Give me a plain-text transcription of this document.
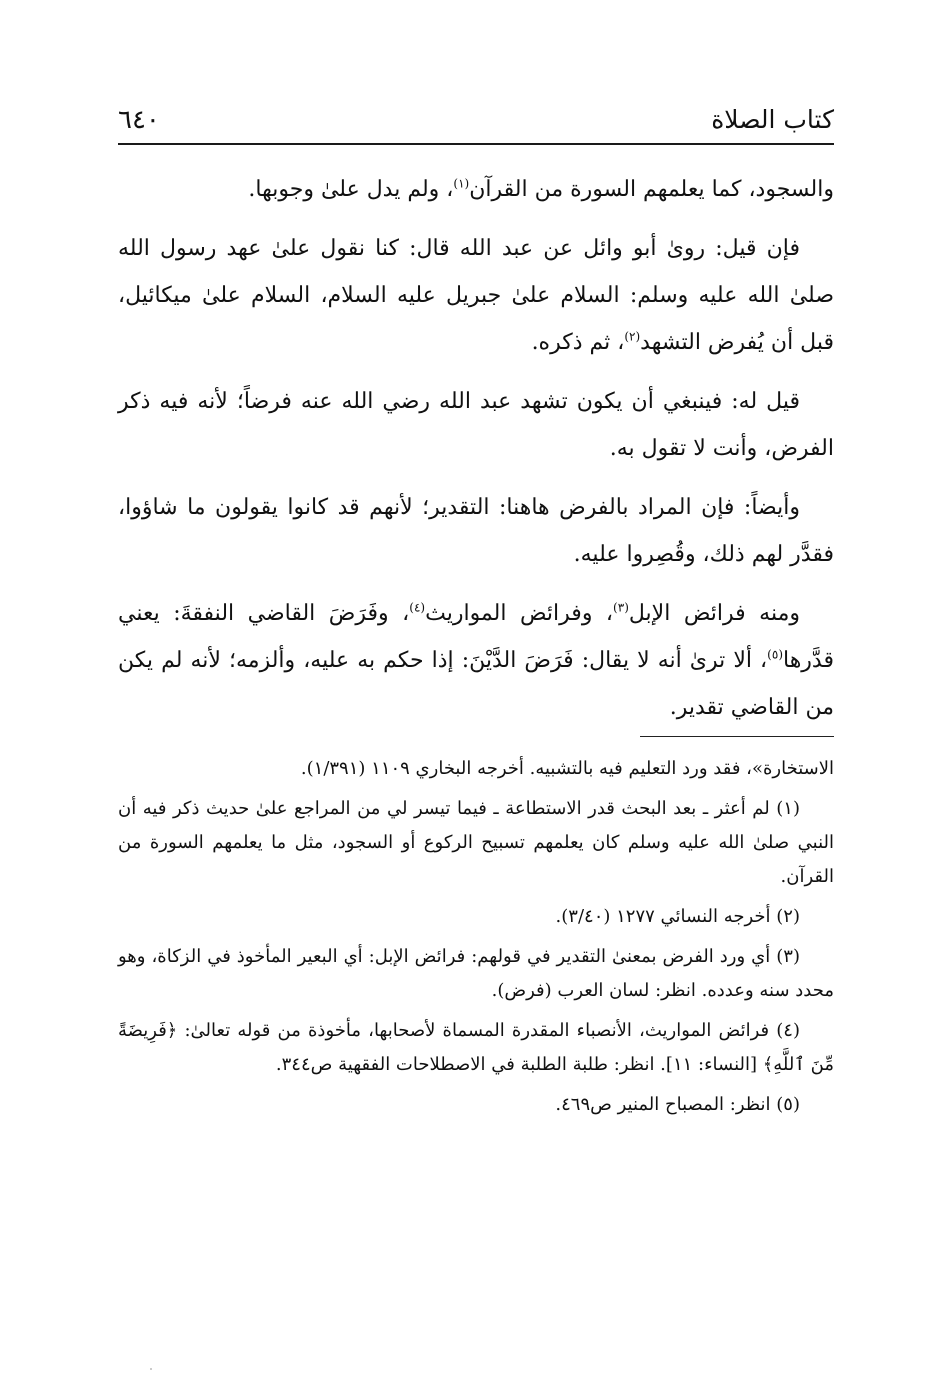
كتاب الصلاة
٦٤٠

والسجود، كما يعلمهم السورة من القرآن$^{(١)}$، ولم يدل علىٰ وجوبها.

فإن قيل: رویٰ أبو وائل عن عبد الله قال: كنا نقول علىٰ عهد رسول الله صلىٰ الله عليه وسلم: السلام علىٰ جبريل عليه السلام، السلام علىٰ ميكائيل، قبل أن يُفرض التشهد$^{(٢)}$، ثم ذكره.

قيل له: فينبغي أن يكون تشهد عبد الله رضي الله عنه فرضاً؛ لأنه فيه ذكر الفرض، وأنت لا تقول به.

وأيضاً: فإن المراد بالفرض هاهنا: التقدير؛ لأنهم قد كانوا يقولون ما شاؤوا، فقدَّر لهم ذلك، وقُصِروا عليه.

ومنه فرائض الإبل$^{(٣)}$، وفرائض المواريث$^{(٤)}$، وفَرَضَ القاضي النفقةَ: يعني قدَّرها$^{(٥)}$، ألا ترىٰ أنه لا يقال: فَرَضَ الدَّيْنَ: إذا حكم به عليه، وألزمه؛ لأنه لم يكن من القاضي تقدير.

الاستخارة»، فقد ورد التعليم فيه بالتشبيه. أخرجه البخاري ١١٠٩ (١/٣٩١).

(١) لم أعثر ـ بعد البحث قدر الاستطاعة ـ فيما تيسر لي من المراجع علىٰ حديث ذكر فيه أن النبي صلىٰ الله عليه وسلم كان يعلمهم تسبيح الركوع أو السجود، مثل ما يعلمهم السورة من القرآن.

(٢) أخرجه النسائي ١٢٧٧ (٣/٤٠).

(٣) أي ورد الفرض بمعنىٰ التقدير في قولهم: فرائض الإبل: أي البعير المأخوذ في الزكاة، وهو محدد سنه وعدده. انظر: لسان العرب (فرض).

(٤) فرائض المواريث، الأنصباء المقدرة المسماة لأصحابها، مأخوذة من قوله تعالىٰ: ﴿فَرِيضَةً مِّنَ ٱللَّهِ﴾ [النساء: ١١]. انظر: طلبة الطلبة في الاصطلاحات الفقهية ص٣٤٤.

(٥) انظر: المصباح المنير ص٤٦٩.
